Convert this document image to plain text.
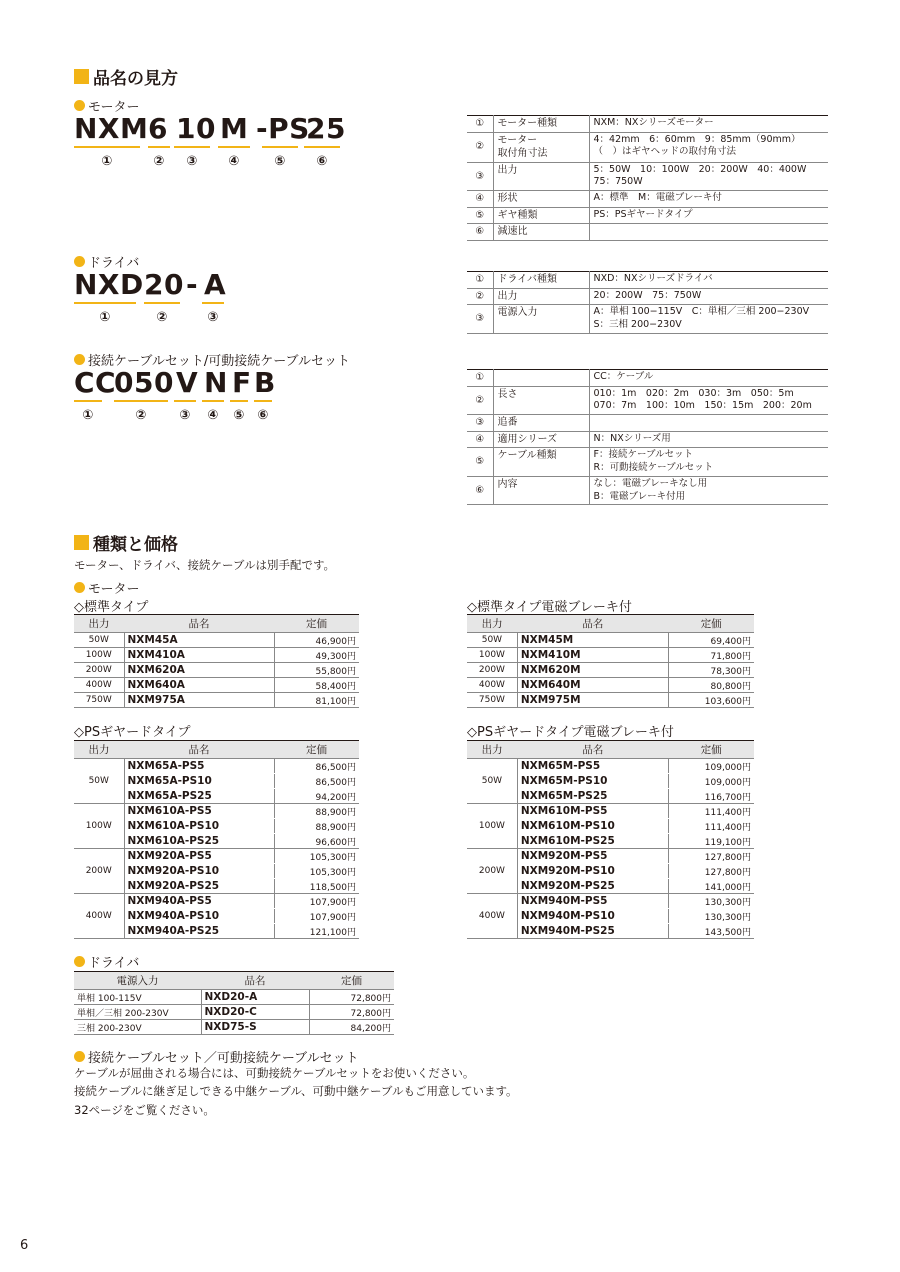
品名の見方
モーター
NXM
①
6
②
10
③
M
④
-PS
⑤
25
⑥
ドライバ
NXD
①
20
②
- A
③
接続ケーブルセット/可動接続ケーブルセット
CC
①
050
②
V
③
N
④
F
⑤
B
⑥
①	モーター種類	NXM：NXシリーズモーター
②	モーター
取付角寸法	4：42mm　6：60mm　9：85mm（90mm）
（　）はギヤヘッドの取付角寸法
③	出力	5：50W　10：100W　20：200W　40：400W
75：750W
④	形状	A：標準　M：電磁ブレーキ付
⑤	ギヤ種類	PS：PSギヤードタイプ
⑥	減速比	
①	ドライバ種類	NXD：NXシリーズドライバ
②	出力	20：200W　75：750W
③	電源入力	A：単相 100−115V　C：単相／三相 200−230V
S：三相 200−230V
①		CC：ケーブル
②	長さ	010：1m　020：2m　030：3m　050：5m
070：7m　100：10m　150：15m　200：20m
③	追番	
④	適用シリーズ	N：NXシリーズ用
⑤	ケーブル種類	F：接続ケーブルセット
R：可動接続ケーブルセット
⑥	内容	なし：電磁ブレーキなし用
B：電磁ブレーキ付用
種類と価格
モーター、ドライバ、接続ケーブルは別手配です。
モーター
◇標準タイプ
出力	品名	定価
50W	NXM45A	46,900円
100W	NXM410A	49,300円
200W	NXM620A	55,800円
400W	NXM640A	58,400円
750W	NXM975A	81,100円
◇標準タイプ電磁ブレーキ付
出力	品名	定価
50W	NXM45M	69,400円
100W	NXM410M	71,800円
200W	NXM620M	78,300円
400W	NXM640M	80,800円
750W	NXM975M	103,600円
◇PSギヤードタイプ
出力	品名	定価
50W	NXM65A-PS5	86,500円
	NXM65A-PS10	86,500円
	NXM65A-PS25	94,200円
100W	NXM610A-PS5	88,900円
	NXM610A-PS10	88,900円
	NXM610A-PS25	96,600円
200W	NXM920A-PS5	105,300円
	NXM920A-PS10	105,300円
	NXM920A-PS25	118,500円
400W	NXM940A-PS5	107,900円
	NXM940A-PS10	107,900円
	NXM940A-PS25	121,100円
◇PSギヤードタイプ電磁ブレーキ付
出力	品名	定価
50W	NXM65M-PS5	109,000円
	NXM65M-PS10	109,000円
	NXM65M-PS25	116,700円
100W	NXM610M-PS5	111,400円
	NXM610M-PS10	111,400円
	NXM610M-PS25	119,100円
200W	NXM920M-PS5	127,800円
	NXM920M-PS10	127,800円
	NXM920M-PS25	141,000円
400W	NXM940M-PS5	130,300円
	NXM940M-PS10	130,300円
	NXM940M-PS25	143,500円
ドライバ
電源入力	品名	定価
単相 100-115V	NXD20-A	72,800円
単相／三相 200-230V	NXD20-C	72,800円
三相 200-230V	NXD75-S	84,200円
接続ケーブルセット／可動接続ケーブルセット
ケーブルが屈曲される場合には、可動接続ケーブルセットをお使いください。
接続ケーブルに継ぎ足しできる中継ケーブル、可動中継ケーブルもご用意しています。
32ページをご覧ください。
6
